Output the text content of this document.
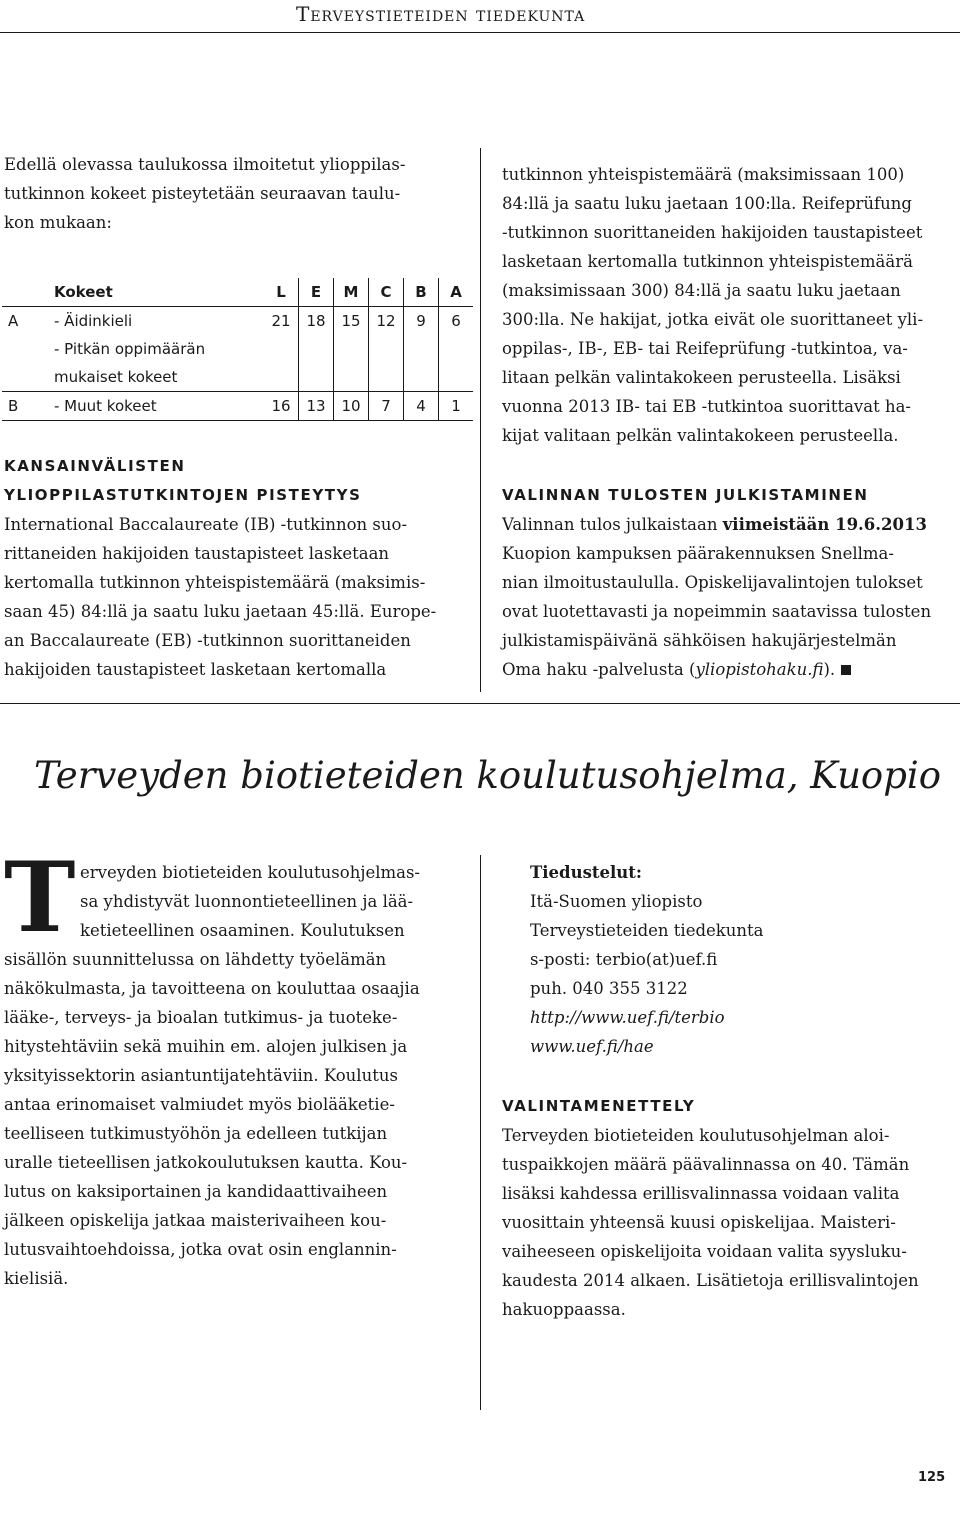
Terveystieteiden tiedekunta
Edellä olevassa taulukossa ilmoitetut ylioppilas-
tutkinnon kokeet pisteytetään seuraavan taulu-
kon mukaan:
	Kokeet	L	E	M	C	B	A
A	- Äidinkieli	21	18	15	12	9	6
	- Pitkän oppimäärän						
	mukaiset kokeet						
B	- Muut kokeet	16	13	10	7	4	1
KANSAINVÄLISTEN
YLIOPPILASTUTKINTOJEN PISTEYTYS
International Baccalaureate (IB) -tutkinnon suo-
rittaneiden hakijoiden taustapisteet lasketaan
kertomalla tutkinnon yhteispistemäärä (maksimis-
saan 45) 84:llä ja saatu luku jaetaan 45:llä. Europe-
an Baccalaureate (EB) -tutkinnon suorittaneiden
hakijoiden taustapisteet lasketaan kertomalla
tutkinnon yhteispistemäärä (maksimissaan 100)
84:llä ja saatu luku jaetaan 100:lla. Reifeprüfung
-tutkinnon suorittaneiden hakijoiden taustapisteet
lasketaan kertomalla tutkinnon yhteispistemäärä
(maksimissaan 300) 84:llä ja saatu luku jaetaan
300:lla. Ne hakijat, jotka eivät ole suorittaneet yli-
oppilas-, IB-, EB- tai Reifeprüfung -tutkintoa, va-
litaan pelkän valintakokeen perusteella. Lisäksi
vuonna 2013 IB- tai EB -tutkintoa suorittavat ha-
kijat valitaan pelkän valintakokeen perusteella.
VALINNAN TULOSTEN JULKISTAMINEN
Valinnan tulos julkaistaan viimeistään 19.6.2013
Kuopion kampuksen päärakennuksen Snellma-
nian ilmoitustaululla. Opiskelijavalintojen tulokset
ovat luotettavasti ja nopeimmin saatavissa tulosten
julkistamispäivänä sähköisen hakujärjestelmän
Oma haku -palvelusta (yliopistohaku.fi).
Terveyden biotieteiden koulutusohjelma, Kuopio
T erveyden biotieteiden koulutusohjelmas-
sa yhdistyvät luonnontieteellinen ja lää-
ketieteellinen osaaminen. Koulutuksen
sisällön suunnittelussa on lähdetty työelämän
näkökulmasta, ja tavoitteena on kouluttaa osaajia
lääke-, terveys- ja bioalan tutkimus- ja tuoteke-
hitystehtäviin sekä muihin em. alojen julkisen ja
yksityissektorin asiantuntijatehtäviin. Koulutus
antaa erinomaiset valmiudet myös biolääketie-
teelliseen tutkimustyöhön ja edelleen tutkijan
uralle tieteellisen jatkokoulutuksen kautta. Kou-
lutus on kaksiportainen ja kandidaattivaiheen
jälkeen opiskelija jatkaa maisterivaiheen kou-
lutusvaihtoehdoissa, jotka ovat osin englannin-
kielisiä.
Tiedustelut:
Itä-Suomen yliopisto
Terveystieteiden tiedekunta
s-posti: terbio(at)uef.fi
puh. 040 355 3122
http://www.uef.fi/terbio
www.uef.fi/hae
VALINTAMENETTELY
Terveyden biotieteiden koulutusohjelman aloi-
tuspaikkojen määrä päävalinnassa on 40. Tämän
lisäksi kahdessa erillisvalinnassa voidaan valita
vuosittain yhteensä kuusi opiskelijaa. Maisteri-
vaiheeseen opiskelijoita voidaan valita syysluku-
kaudesta 2014 alkaen. Lisätietoja erillisvalintojen
hakuoppaassa.
125
